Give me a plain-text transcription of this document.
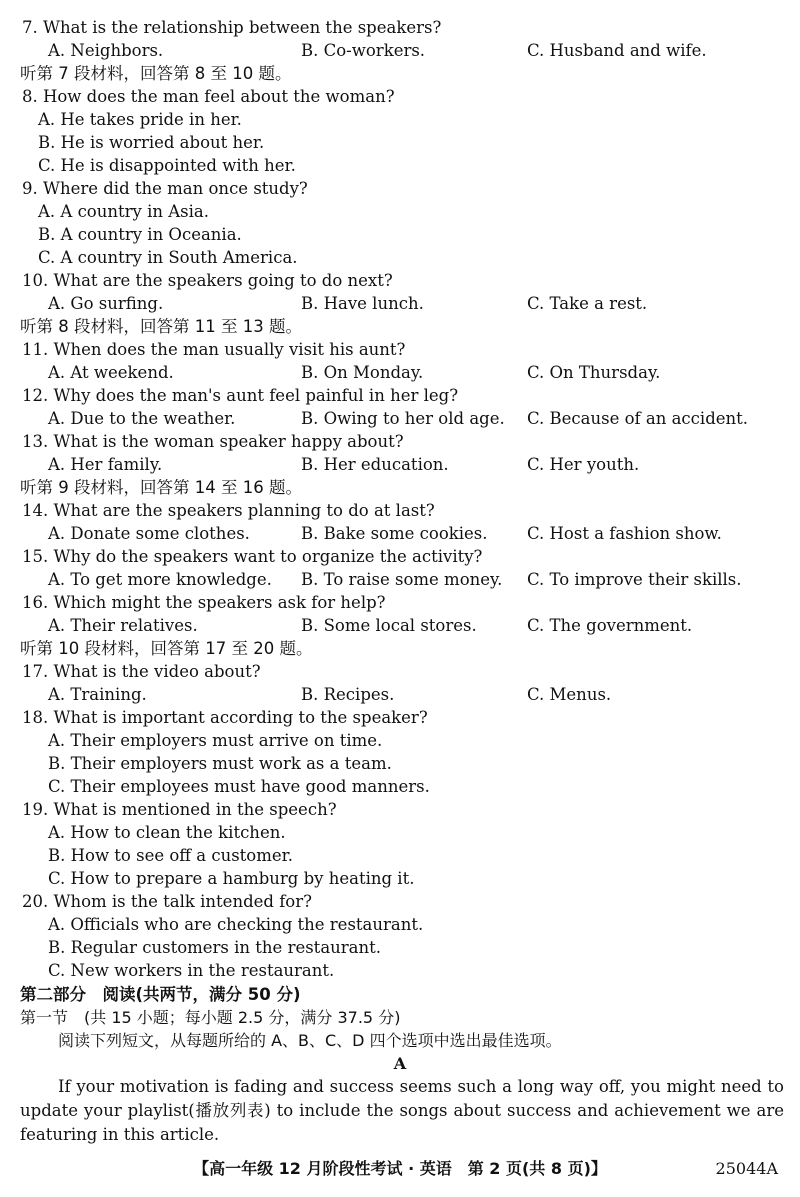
7. What is the relationship between the speakers?
A. Neighbors.	B. Co-workers.	C. Husband and wife.
听第 7 段材料，回答第 8 至 10 题。
8. How does the man feel about the woman?
A. He takes pride in her.
B. He is worried about her.
C. He is disappointed with her.
9. Where did the man once study?
A. A country in Asia.
B. A country in Oceania.
C. A country in South America.
10. What are the speakers going to do next?
A. Go surfing.	B. Have lunch.	C. Take a rest.
听第 8 段材料，回答第 11 至 13 题。
11. When does the man usually visit his aunt?
A. At weekend.	B. On Monday.	C. On Thursday.
12. Why does the man's aunt feel painful in her leg?
A. Due to the weather.	B. Owing to her old age. C. Because of an accident.
13. What is the woman speaker happy about?
A. Her family.	B. Her education.	C. Her youth.
听第 9 段材料，回答第 14 至 16 题。
14. What are the speakers planning to do at last?
A. Donate some clothes.	B. Bake some cookies. C. Host a fashion show.
15. Why do the speakers want to organize the activity?
A. To get more knowledge. B. To raise some money. C. To improve their skills.
16. Which might the speakers ask for help?
A. Their relatives.	B. Some local stores.	C. The government.
听第 10 段材料，回答第 17 至 20 题。
17. What is the video about?
A. Training.	B. Recipes.	C. Menus.
18. What is important according to the speaker?
A. Their employers must arrive on time.
B. Their employers must work as a team.
C. Their employees must have good manners.
19. What is mentioned in the speech?
A. How to clean the kitchen.
B. How to see off a customer.
C. How to prepare a hamburg by heating it.
20. Whom is the talk intended for?
A. Officials who are checking the restaurant.
B. Regular customers in the restaurant.
C. New workers in the restaurant.
第二部分　阅读(共两节，满分 50 分)
第一节　(共 15 小题；每小题 2.5 分，满分 37.5 分)
阅读下列短文，从每题所给的 A、B、C、D 四个选项中选出最佳选项。
A
If your motivation is fading and success seems such a long way off, you might need to update your playlist(播放列表) to include the songs about success and achievement we are featuring in this article.
【高一年级 12 月阶段性考试 · 英语　第 2 页(共 8 页)】	25044A
